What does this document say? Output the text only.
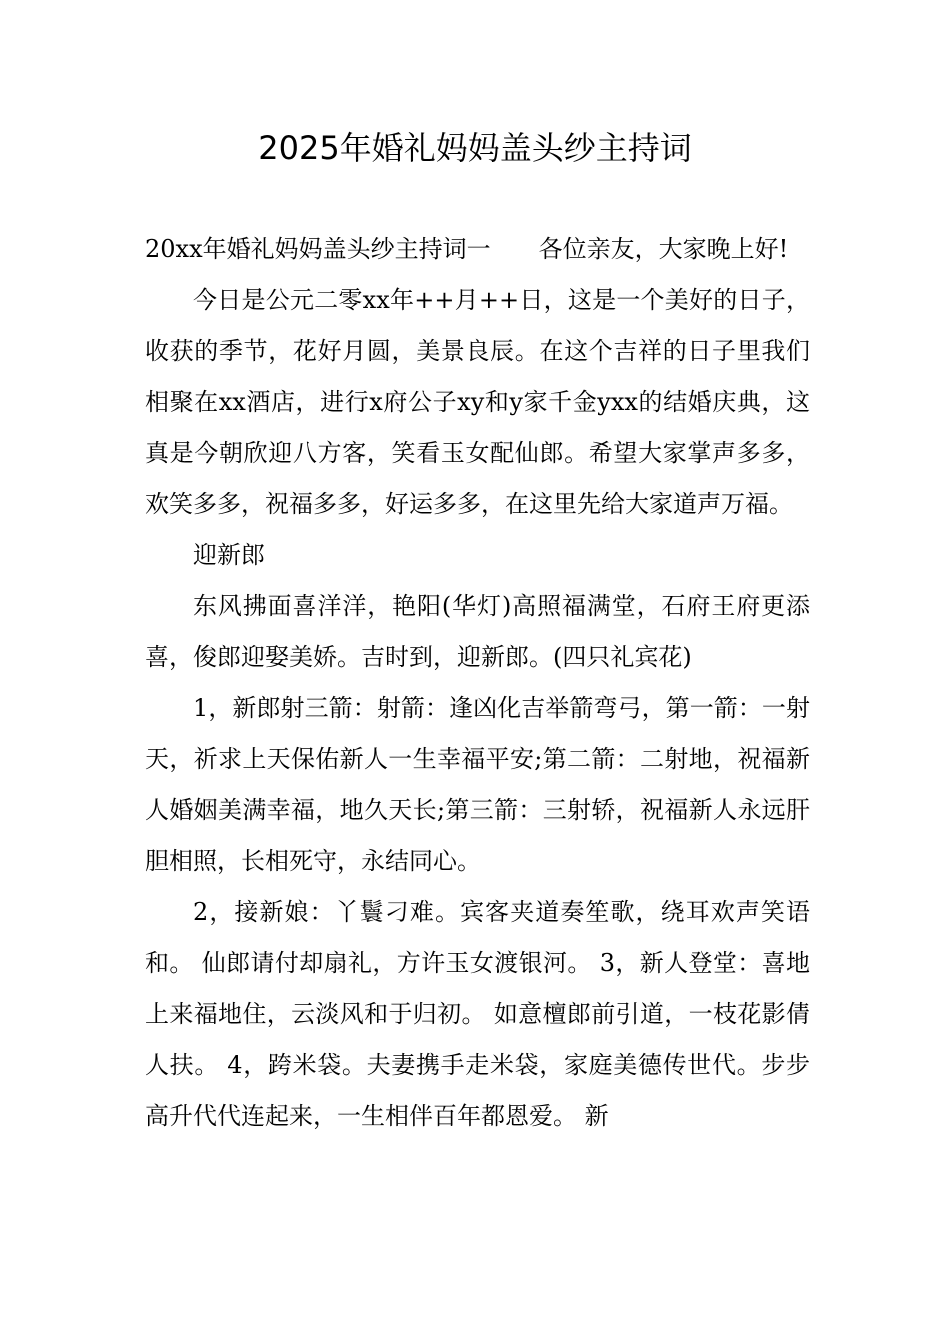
2025年婚礼妈妈盖头纱主持词

20xx年婚礼妈妈盖头纱主持词一　　各位亲友，大家晚上好!

今日是公元二零xx年++月++日，这是一个美好的日子，收获的季节，花好月圆，美景良辰。在这个吉祥的日子里我们相聚在xx酒店，进行x府公子xy和y家千金yxx的结婚庆典，这真是今朝欣迎八方客，笑看玉女配仙郎。希望大家掌声多多，欢笑多多，祝福多多，好运多多，在这里先给大家道声万福。

迎新郎

东风拂面喜洋洋，艳阳(华灯)高照福满堂，石府王府更添喜，俊郎迎娶美娇。吉时到，迎新郎。(四只礼宾花)

1，新郎射三箭：射箭：逢凶化吉举箭弯弓，第一箭：一射天，祈求上天保佑新人一生幸福平安;第二箭：二射地，祝福新人婚姻美满幸福，地久天长;第三箭：三射轿，祝福新人永远肝胆相照，长相死守，永结同心。

2，接新娘：丫鬟刁难。宾客夹道奏笙歌，绕耳欢声笑语和。 仙郎请付却扇礼，方许玉女渡银河。 3，新人登堂：喜地上来福地住，云淡风和于归初。 如意檀郎前引道，一枝花影倩人扶。 4，跨米袋。夫妻携手走米袋，家庭美德传世代。步步高升代代连起来，一生相伴百年都恩爱。 新
